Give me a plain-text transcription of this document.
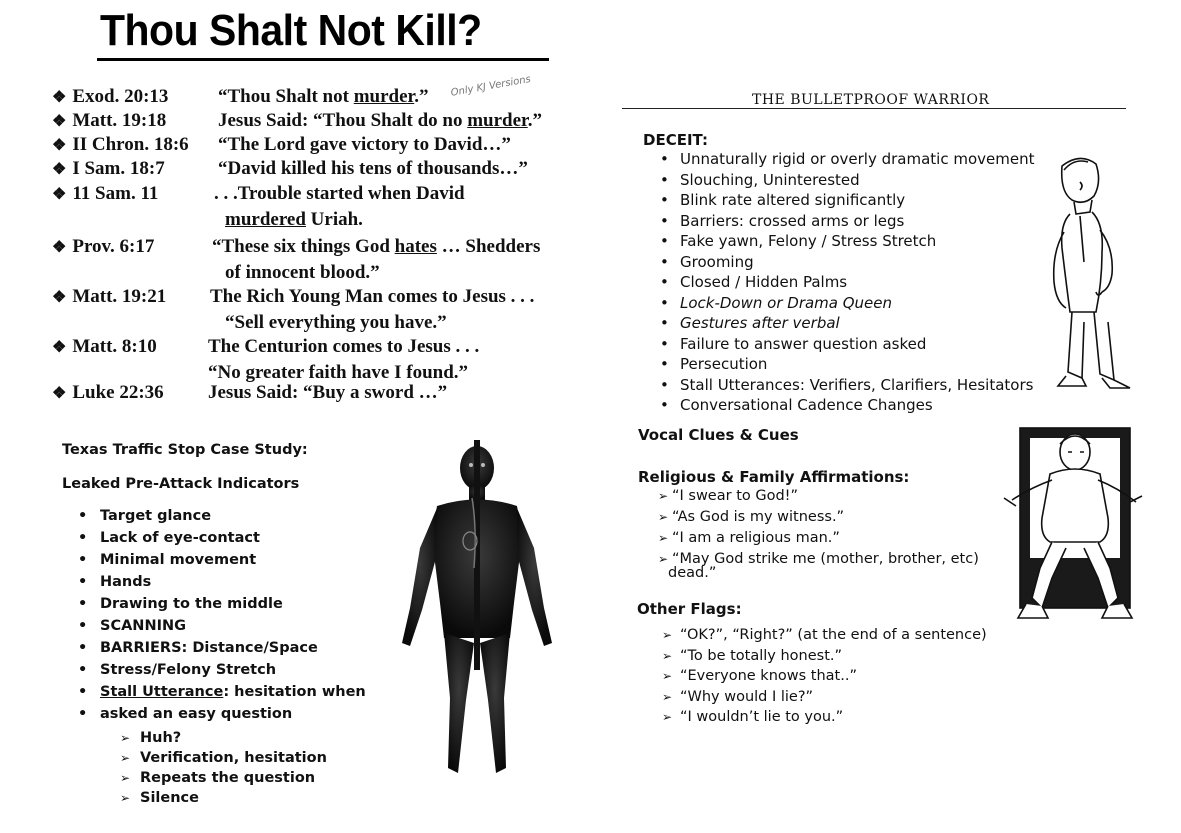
Thou Shalt Not Kill?
Only KJ Versions
❖ Exod. 20:13	“Thou Shalt not murder.”
❖ Matt. 19:18	Jesus Said: “Thou Shalt do no murder.”
❖ II Chron. 18:6 “The Lord gave victory to David…”
❖ I Sam. 18:7	“David killed his tens of thousands…”
❖ 11 Sam. 11	. . .Trouble started when David
murdered Uriah.
❖ Prov. 6:17	“These six things God hates … Shedders
of innocent blood.”
❖ Matt. 19:21 The Rich Young Man comes to Jesus . . .
“Sell everything you have.”
❖ Matt. 8:10	The Centurion comes to Jesus . . .
“No greater faith have I found.”
❖ Luke 22:36 Jesus Said: “Buy a sword …”
Texas Traffic Stop Case Study:
Leaked Pre-Attack Indicators
• Target glance
• Lack of eye-contact
• Minimal movement
• Hands
• Drawing to the middle
• SCANNING
• BARRIERS: Distance/Space
• Stress/Felony Stretch
• Stall Utterance: hesitation when
• asked an easy question
➢ Huh?
➢ Verification, hesitation
➢ Repeats the question
➢ Silence
THE BULLETPROOF WARRIOR
DECEIT:
• Unnaturally rigid or overly dramatic movement
• Slouching, Uninterested
• Blink rate altered significantly
• Barriers: crossed arms or legs
• Fake yawn, Felony / Stress Stretch
• Grooming
• Closed / Hidden Palms
• Lock-Down or Drama Queen
• Gestures after verbal
• Failure to answer question asked
• Persecution
• Stall Utterances: Verifiers, Clarifiers, Hesitators
• Conversational Cadence Changes
Vocal Clues & Cues
Religious & Family Affirmations:
➢ “I swear to God!”
➢ “As God is my witness.”
➢ “I am a religious man.”
➢ “May God strike me (mother, brother, etc)
dead.”
Other Flags:
➢ “OK?”, “Right?” (at the end of a sentence)
➢ “To be totally honest.”
➢ “Everyone knows that..”
➢ “Why would I lie?”
➢ “I wouldn’t lie to you.”
